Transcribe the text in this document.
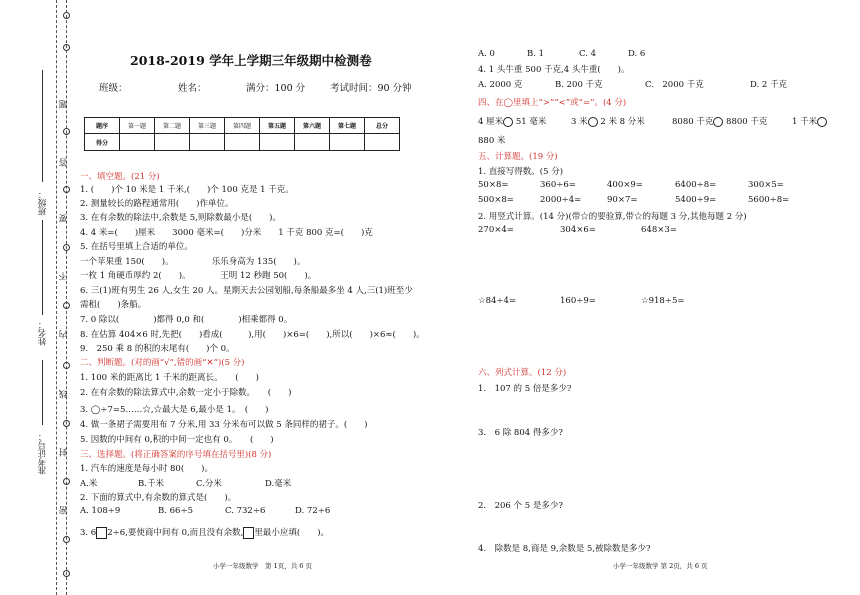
班级：
姓名：
准考证号：
题
答
要
不
内
线
封
密
2018-2019 学年上学期三年级期中检测卷
班级：	姓名：	满分：100 分	考试时间：90 分钟
题序	第一题	第二题	第三题	第四题	第五题	第六题	第七题	总分
得分								
一、填空题。(21 分)
1. (　　)个 10 米是 1 千米,(　　)个 100 克是 1 千克。
2. 测量较长的路程通常用(　　)作单位。
3. 在有余数的除法中,余数是 5,则除数最小是(　　)。
4. 4 米=(　　)厘米　　3000 毫米=(　　)分米　　1 千克 800 克=(　　)克
5. 在括号里填上合适的单位。
一个苹果重 150(　　)。　　　　　乐乐身高为 135(　　)。
一枚 1 角硬币厚约 2(　　)。　　　　王明 12 秒跑 50(　　)。
6. 三(1)班有男生 26 人,女生 20 人。星期天去公园划船,每条船最多坐 4 人,三(1)班至少
需租(　　)条船。
7. 0 除以(　　　　)都得 0,0 和(　　　　)相乘都得 0。
8. 在估算 404×6 时,先把(　　)看成(　　　),用(　　)×6=(　　),所以(　　)×6≈(　　)。
9.　250 乘 8 的积的末尾有(　　)个 0。
二、判断题。(对的画“√”,错的画“✕”)(5 分)
1. 100 米的距离比 1 千米的距离长。　　(　　)
2. 在有余数的除法算式中,余数一定小于除数。　　(　　)
3. ◯÷7=5……☆,☆最大是 6,最小是 1。　(　　)
4. 做一条裙子需要用布 7 分米,用 33 分米布可以做 5 条同样的裙子。(　　)
5. 因数的中间有 0,积的中间一定也有 0。　　(　　)
三、选择题。(将正确答案的序号填在括号里)(8 分)
1. 汽车的速度是每小时 80(　　)。
A.米	B.千米	C.分米	D.毫米
2. 下面的算式中,有余数的算式是(　　)。
A. 108÷9	B. 66÷5	C. 732÷6	D. 72÷6
3. 6 2÷6,要使商中间有 0,而且没有余数, 里最小应填(　　)。
小学一年级数学　第 1页，共 6 页
A. 0	B. 1	C. 4	D. 6
4. 1 头牛重 500 千克,4 头牛重(　　)。
A. 2000 克	B. 200 千克	C.　2000 千克	D. 2 千克
四、在◯里填上“>”“<”或“=”。(4 分)
4 厘米 51 毫米	3 米 2 米 8 分米	8080 千克 8800 千克	1 千米
880 米
五、计算题。(19 分)
1. 直接写得数。(5 分)
50×8=	360÷6=	400×9=	6400÷8=	300×5=
500×8=	2000÷4=	90×7=	5400÷9=	5600÷8=
2. 用竖式计算。(14 分)(带☆的要验算,带☆的每题 3 分,其他每题 2 分)
270×4=	304×6=	648×3=
☆84÷4=	160÷9=	☆918÷5=
六、列式计算。(12 分)
1.　107 的 5 倍是多少?
3.　6 除 804 得多少?
2.　206 个 5 是多少?
4.　除数是 8,商是 9,余数是 5,被除数是多少?
小学一年级数学 第 2页，共 6 页
